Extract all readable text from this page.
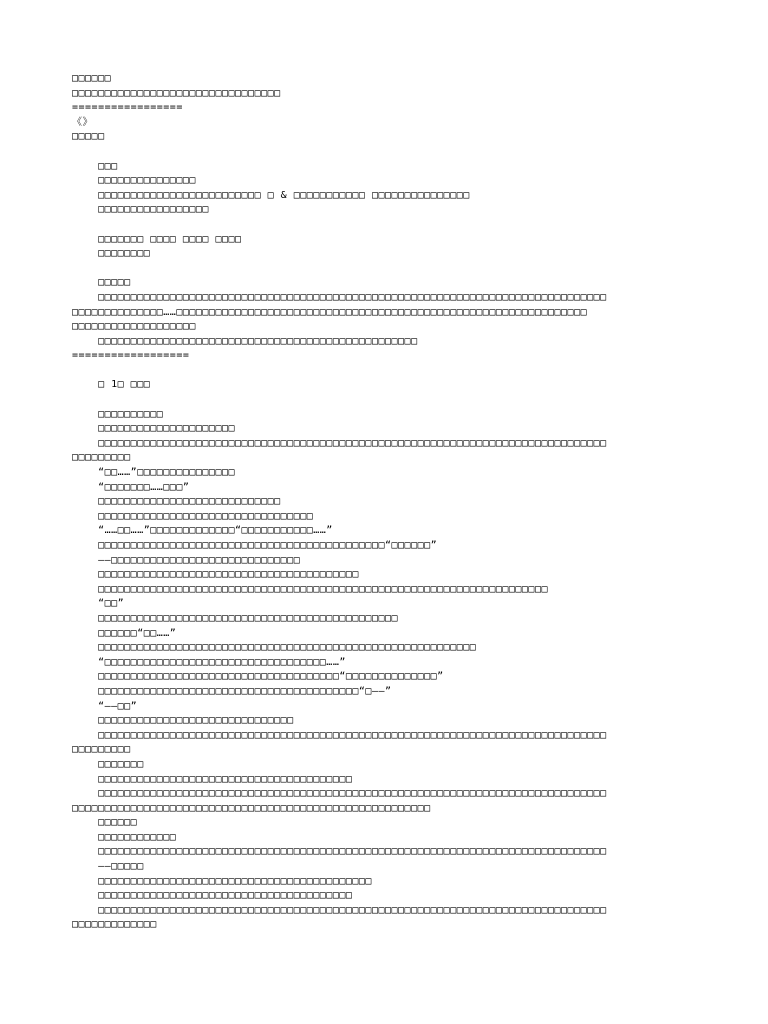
□□□□□□
□□□□□□□□□□□□□□□□□□□□□□□□□□□□□□□□
=================
《》
□□□□□

□□□
□□□□□□□□□□□□□□□
□□□□□□□□□□□□□□□□□□□□□□□□□ □ & □□□□□□□□□□□ □□□□□□□□□□□□□□□
□□□□□□□□□□□□□□□□□

□□□□□□□ □□□□ □□□□ □□□□
□□□□□□□□

□□□□□
□□□□□□□□□□□□□□□□□□□□□□□□□□□□□□□□□□□□□□□□□□□□□□□□□□□□□□□□□□□□□□□□□□□□□□□□□□□□□□
□□□□□□□□□□□□□□……□□□□□□□□□□□□□□□□□□□□□□□□□□□□□□□□□□□□□□□□□□□□□□□□□□□□□□□□□□□□□□□
□□□□□□□□□□□□□□□□□□□
□□□□□□□□□□□□□□□□□□□□□□□□□□□□□□□□□□□□□□□□□□□□□□□□□
==================

□ 1□ □□□

□□□□□□□□□□
□□□□□□□□□□□□□□□□□□□□□
□□□□□□□□□□□□□□□□□□□□□□□□□□□□□□□□□□□□□□□□□□□□□□□□□□□□□□□□□□□□□□□□□□□□□□□□□□□□□□
□□□□□□□□□
“□□……”□□□□□□□□□□□□□□□
“□□□□□□□……□□□”
□□□□□□□□□□□□□□□□□□□□□□□□□□□□
□□□□□□□□□□□□□□□□□□□□□□□□□□□□□□□□□
“……□□……”□□□□□□□□□□□□□“□□□□□□□□□□□……”
□□□□□□□□□□□□□□□□□□□□□□□□□□□□□□□□□□□□□□□□□□□□“□□□□□□”
——□□□□□□□□□□□□□□□□□□□□□□□□□□□□□
□□□□□□□□□□□□□□□□□□□□□□□□□□□□□□□□□□□□□□□□
□□□□□□□□□□□□□□□□□□□□□□□□□□□□□□□□□□□□□□□□□□□□□□□□□□□□□□□□□□□□□□□□□□□□□
“□□”
□□□□□□□□□□□□□□□□□□□□□□□□□□□□□□□□□□□□□□□□□□□□□□
□□□□□□“□□……”
□□□□□□□□□□□□□□□□□□□□□□□□□□□□□□□□□□□□□□□□□□□□□□□□□□□□□□□□□□
“□□□□□□□□□□□□□□□□□□□□□□□□□□□□□□□□□□……”
□□□□□□□□□□□□□□□□□□□□□□□□□□□□□□□□□□□□□“□□□□□□□□□□□□□□”
□□□□□□□□□□□□□□□□□□□□□□□□□□□□□□□□□□□□□□□□“□——”
“——□□”
□□□□□□□□□□□□□□□□□□□□□□□□□□□□□□
□□□□□□□□□□□□□□□□□□□□□□□□□□□□□□□□□□□□□□□□□□□□□□□□□□□□□□□□□□□□□□□□□□□□□□□□□□□□□□
□□□□□□□□□
□□□□□□□
□□□□□□□□□□□□□□□□□□□□□□□□□□□□□□□□□□□□□□□
□□□□□□□□□□□□□□□□□□□□□□□□□□□□□□□□□□□□□□□□□□□□□□□□□□□□□□□□□□□□□□□□□□□□□□□□□□□□□□
□□□□□□□□□□□□□□□□□□□□□□□□□□□□□□□□□□□□□□□□□□□□□□□□□□□□□□□
□□□□□□
□□□□□□□□□□□□
□□□□□□□□□□□□□□□□□□□□□□□□□□□□□□□□□□□□□□□□□□□□□□□□□□□□□□□□□□□□□□□□□□□□□□□□□□□□□□
——□□□□□
□□□□□□□□□□□□□□□□□□□□□□□□□□□□□□□□□□□□□□□□□□
□□□□□□□□□□□□□□□□□□□□□□□□□□□□□□□□□□□□□□□
□□□□□□□□□□□□□□□□□□□□□□□□□□□□□□□□□□□□□□□□□□□□□□□□□□□□□□□□□□□□□□□□□□□□□□□□□□□□□□
□□□□□□□□□□□□□
